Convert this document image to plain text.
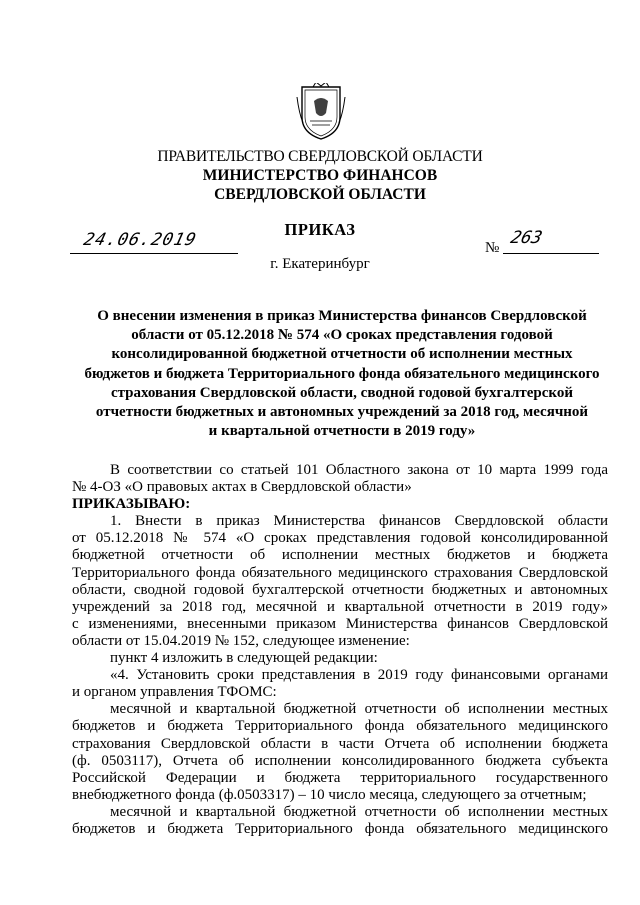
ПРАВИТЕЛЬСТВО СВЕРДЛОВСКОЙ ОБЛАСТИ
МИНИСТЕРСТВО ФИНАНСОВ
СВЕРДЛОВСКОЙ ОБЛАСТИ
ПРИКАЗ
24.06.2019	№ 263
г. Екатеринбург
О внесении изменения в приказ Министерства финансов Свердловской
области от 05.12.2018 № 574 «О сроках представления годовой
консолидированной бюджетной отчетности об исполнении местных
бюджетов и бюджета Территориального фонда обязательного медицинского
страхования Свердловской области, сводной годовой бухгалтерской
отчетности бюджетных и автономных учреждений за 2018 год, месячной
и квартальной отчетности в 2019 году»
В соответствии со статьей 101 Областного закона от 10 марта 1999 года
№ 4-ОЗ «О правовых актах в Свердловской области»
ПРИКАЗЫВАЮ:
1. Внести в приказ Министерства финансов Свердловской области
от 05.12.2018 № 574 «О сроках представления годовой консолидированной
бюджетной отчетности об исполнении местных бюджетов и бюджета
Территориального фонда обязательного медицинского страхования Свердловской
области, сводной годовой бухгалтерской отчетности бюджетных и автономных
учреждений за 2018 год, месячной и квартальной отчетности в 2019 году»
с изменениями, внесенными приказом Министерства финансов Свердловской
области от 15.04.2019 № 152, следующее изменение:
пункт 4 изложить в следующей редакции:
«4. Установить сроки представления в 2019 году финансовыми органами
и органом управления ТФОМС:
месячной и квартальной бюджетной отчетности об исполнении местных
бюджетов и бюджета Территориального фонда обязательного медицинского
страхования Свердловской области в части Отчета об исполнении бюджета
(ф. 0503117), Отчета об исполнении консолидированного бюджета субъекта
Российской Федерации и бюджета территориального государственного
внебюджетного фонда (ф.0503317) – 10 число месяца, следующего за отчетным;
месячной и квартальной бюджетной отчетности об исполнении местных
бюджетов и бюджета Территориального фонда обязательного медицинского
